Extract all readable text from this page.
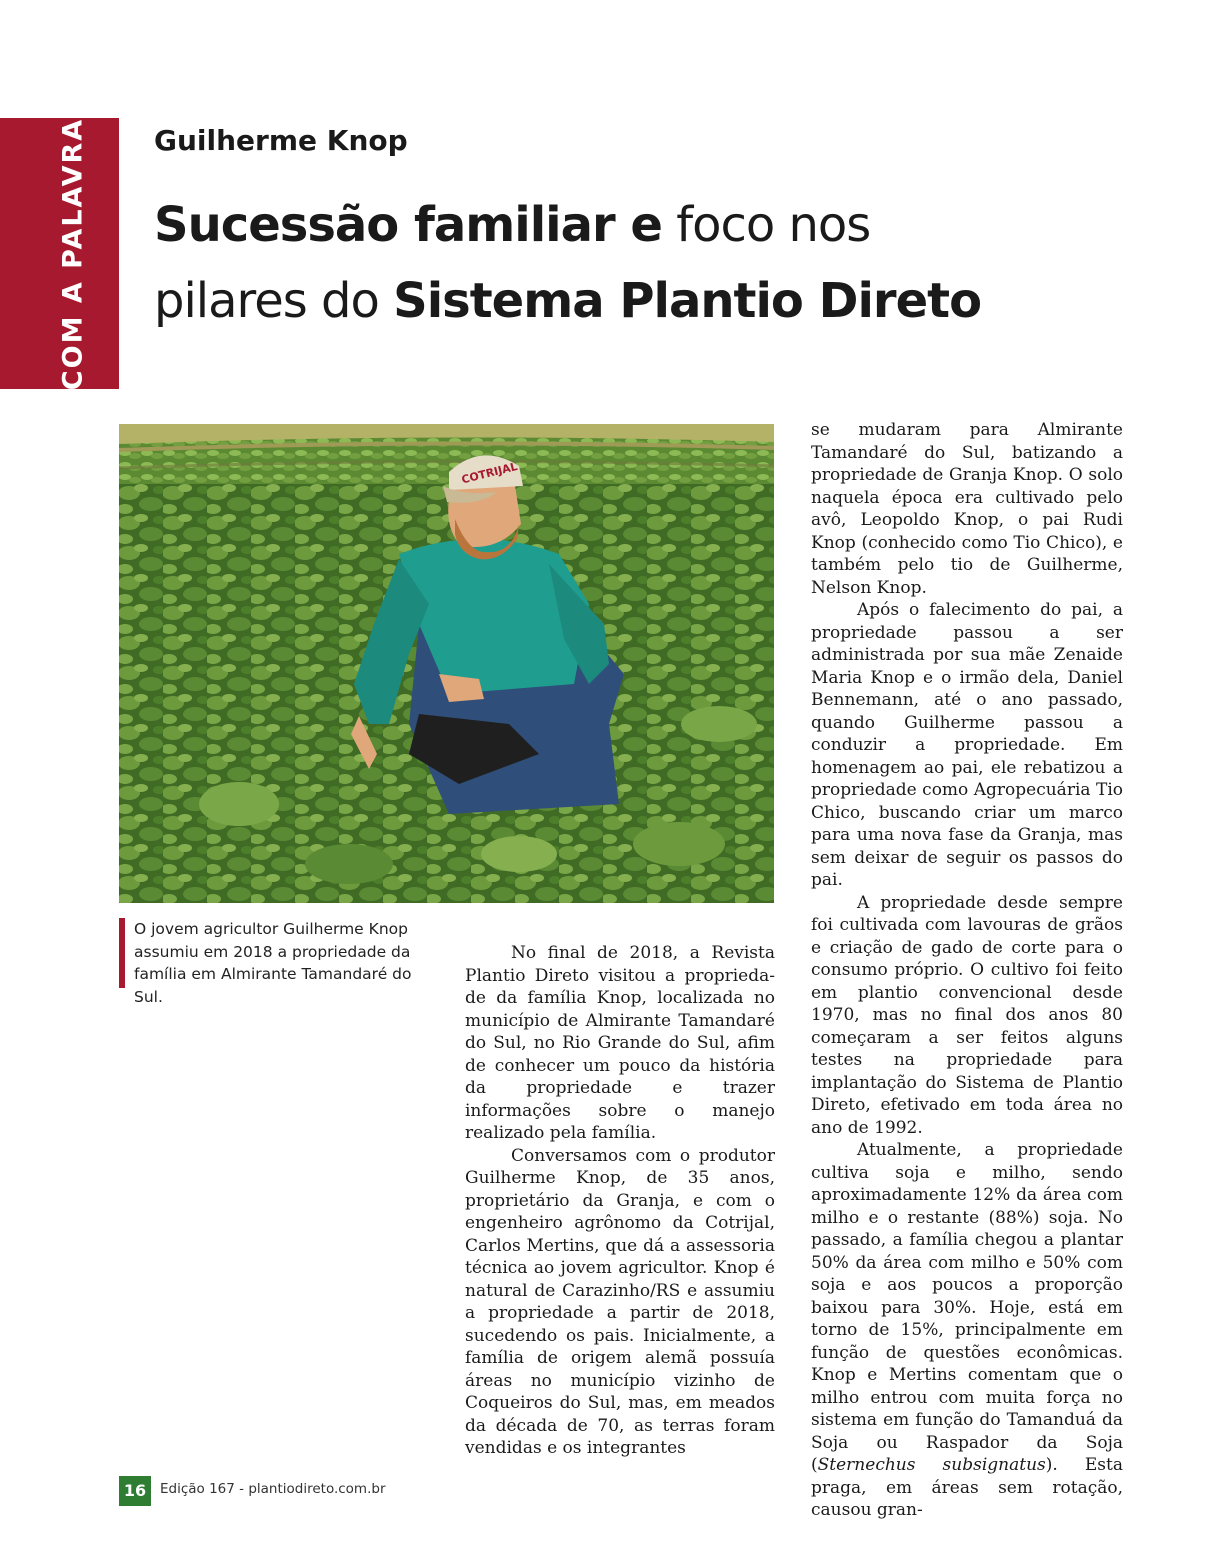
COM A PALAVRA Guilherme Knop
Sucessão familiar e foco nos
pilares do Sistema Plantio Direto
COTRIJAL
O jovem agricultor Guilherme Knop
assumiu em 2018 a propriedade da
família em Almirante Tamandaré do Sul.

No final de 2018, a Revista Plantio Direto visitou a proprieda-de da família Knop, localizada no município de Almirante Tamandaré do Sul, no Rio Grande do Sul, afim de conhecer um pouco da história da propriedade e trazer informações sobre o manejo realizado pela família.

Conversamos com o produtor Guilherme Knop, de 35 anos, proprietário da Granja, e com o engenheiro agrônomo da Cotrijal, Carlos Mertins, que dá a assessoria técnica ao jovem agricultor. Knop é natural de Carazinho/RS e assumiu a propriedade a partir de 2018, sucedendo os pais. Inicialmente, a família de origem alemã possuía áreas no município vizinho de Coqueiros do Sul, mas, em meados da década de 70, as terras foram vendidas e os integrantes

se mudaram para Almirante Tamandaré do Sul, batizando a propriedade de Granja Knop. O solo naquela época era cultivado pelo avô, Leopoldo Knop, o pai Rudi Knop (conhecido como Tio Chico), e também pelo tio de Guilherme, Nelson Knop.

Após o falecimento do pai, a propriedade passou a ser administrada por sua mãe Zenaide Maria Knop e o irmão dela, Daniel Bennemann, até o ano passado, quando Guilherme passou a conduzir a propriedade. Em homenagem ao pai, ele rebatizou a propriedade como Agropecuária Tio Chico, buscando criar um marco para uma nova fase da Granja, mas sem deixar de seguir os passos do pai.

A propriedade desde sempre foi cultivada com lavouras de grãos e criação de gado de corte para o consumo próprio. O cultivo foi feito em plantio convencional desde 1970, mas no final dos anos 80 começaram a ser feitos alguns testes na propriedade para implantação do Sistema de Plantio Direto, efetivado em toda área no ano de 1992.

Atualmente, a propriedade cultiva soja e milho, sendo aproximadamente 12% da área com milho e o restante (88%) soja. No passado, a família chegou a plantar 50% da área com milho e 50% com soja e aos poucos a proporção baixou para 30%. Hoje, está em torno de 15%, principalmente em função de questões econômicas. Knop e Mertins comentam que o milho entrou com muita força no sistema em função do Tamanduá da Soja ou Raspador da Soja (Sternechus subsignatus). Esta praga, em áreas sem rotação, causou gran-

16	Edição 167 - plantiodireto.com.br
